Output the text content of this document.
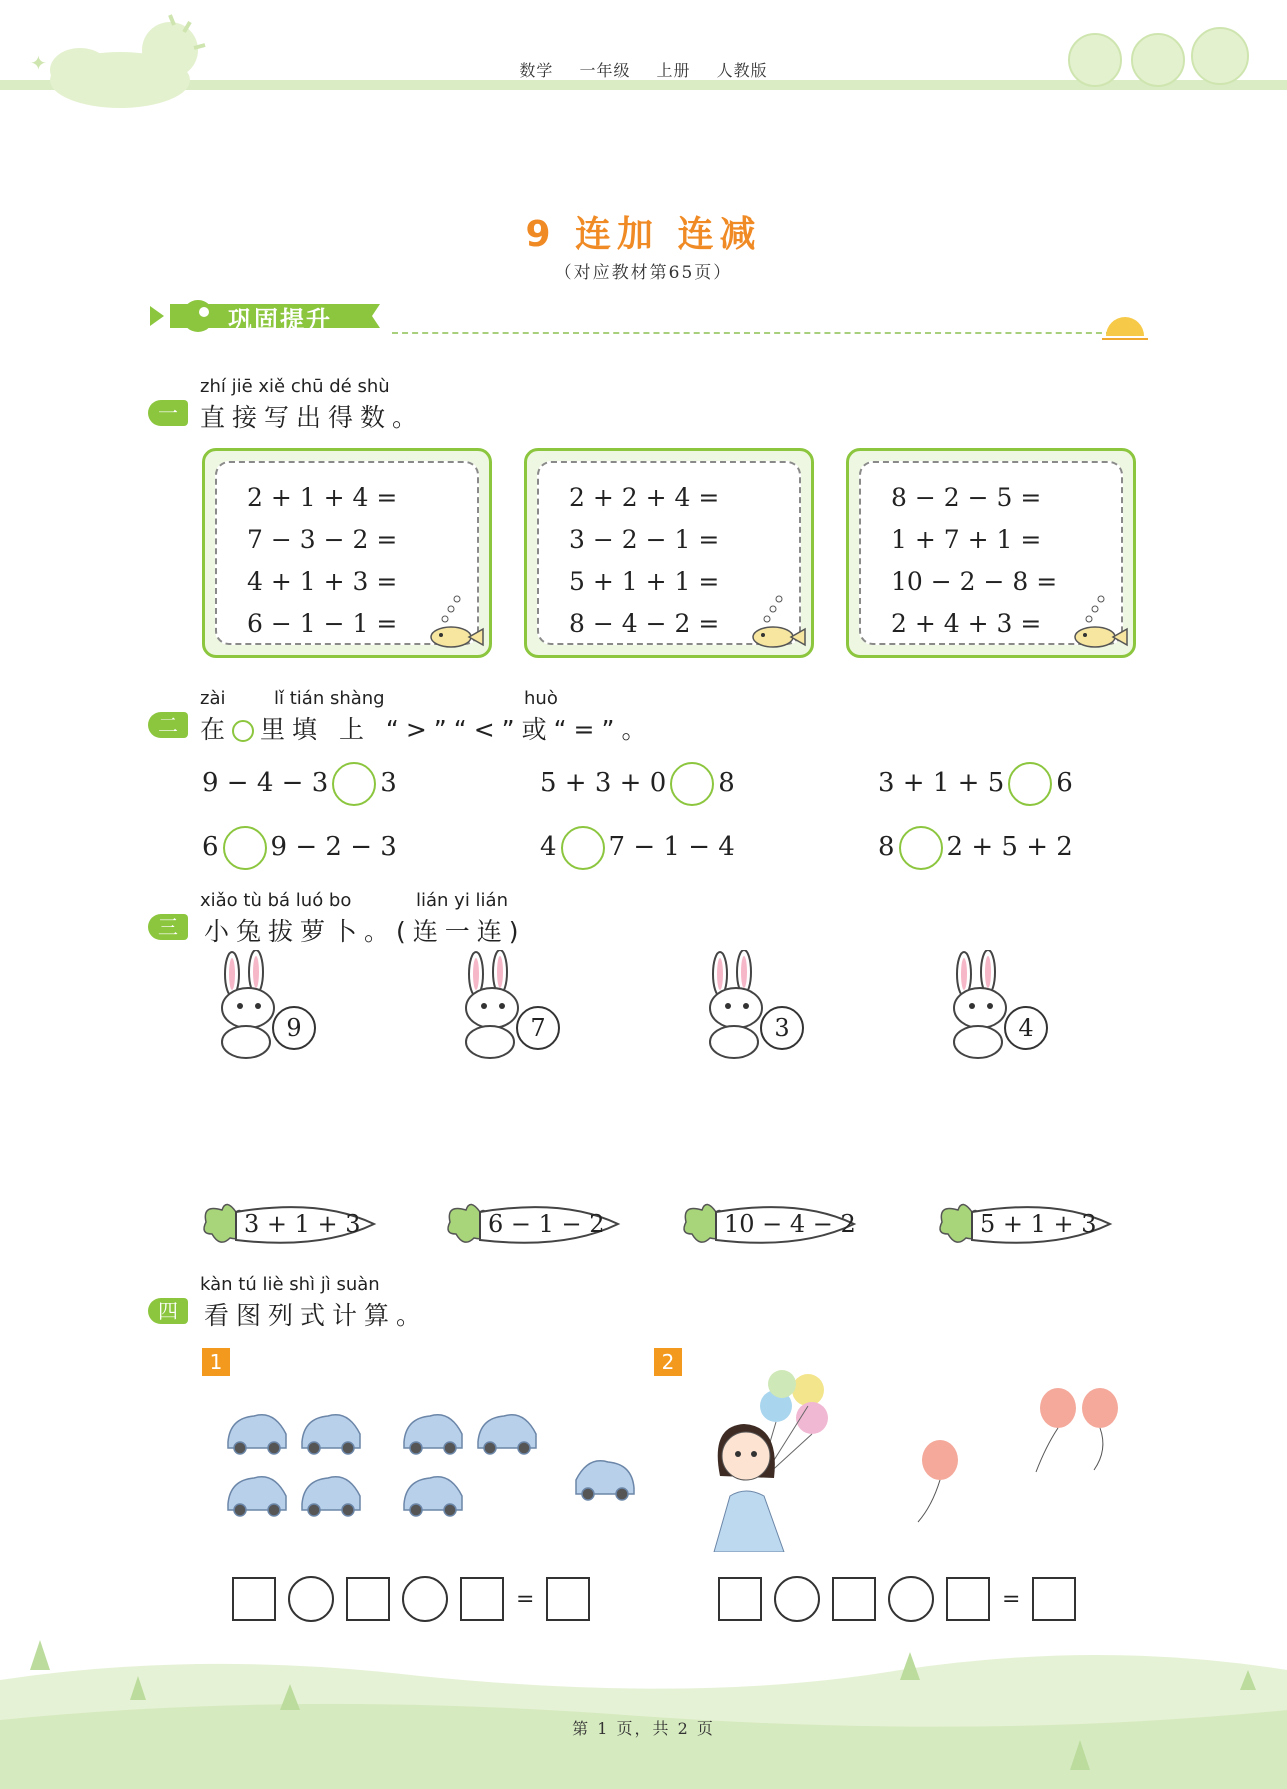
✦	数学 一年级 上册 人教版
9 连加 连减
（对应教材第65页）
巩固提升
zhí jiē xiě chū dé shù
一 直接写出得数。
2 + 1 + 4 =
7 − 3 − 2 =
4 + 1 + 3 =
6 − 1 − 1 =
2 + 2 + 4 =
3 − 2 − 1 =
5 + 1 + 1 =
8 − 4 − 2 =
8 − 2 − 5 =
1 + 7 + 1 =
10 − 2 − 8 =
2 + 4 + 3 =
zài	lǐ tián shàng	huò
二 在 里填 上 “>”“<”或“=”。
9 − 4 − 3 3	5 + 3 + 0 8	3 + 1 + 5 6
6 9 − 2 − 3	4 7 − 1 − 4	8 2 + 5 + 2
xiǎo tù bá luó bo	lián yi lián
三	小兔拔萝卜。(连一连)
9	7	3	4
3 + 1 + 3	6 − 1 − 2	10 − 4 − 2	5 + 1 + 3
kàn tú liè shì jì suàn
四	看图列式计算。
1	2
=	=
第 1 页，共 2 页
